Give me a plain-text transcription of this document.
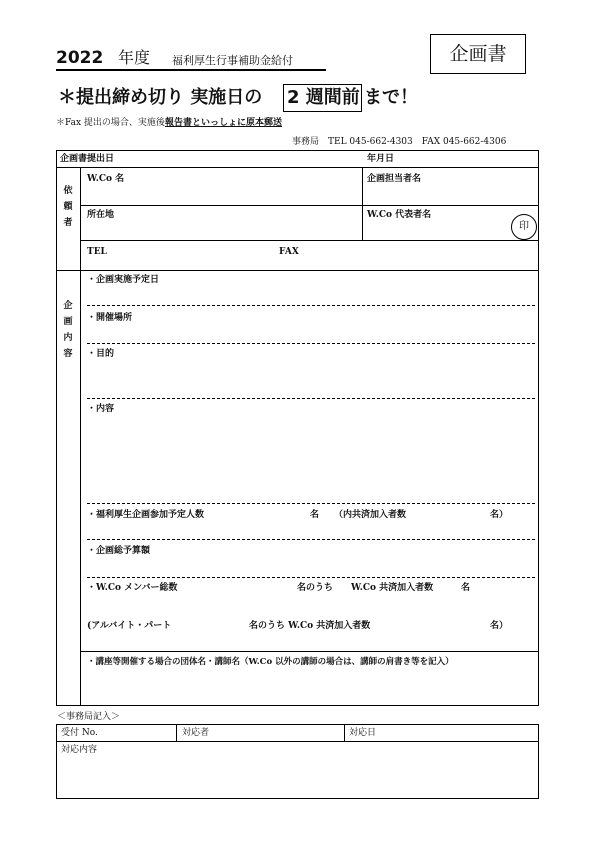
2022 年度 福利厚生行事補助金給付	企画書
＊提出締め切り 実施日の 2 週間前 まで！
＊Fax 提出の場合、実施後報告書といっしょに原本郵送
事務局　TEL 045-662-4303　FAX 045-662-4306
企画書提出日	年月日
依
頼
者
W.Co 名	企画担当者名
所在地	W.Co 代表者名
印
TEL	FAX
企
画
内
容
・企画実施予定日
・開催場所
・目的
・内容
・福利厚生企画参加予定人数	名 （内共済加入者数	名）
・企画総予算額
・W.Co メンバー総数	名のうち W.Co 共済加入者数	名
(アルバイト・パート	名のうち W.Co 共済加入者数	名）
・講座等開催する場合の団体名・講師名（W.Co 以外の講師の場合は、講師の肩書き等を記入）
＜事務局記入＞
受付 No.	対応者	対応日
対応内容
